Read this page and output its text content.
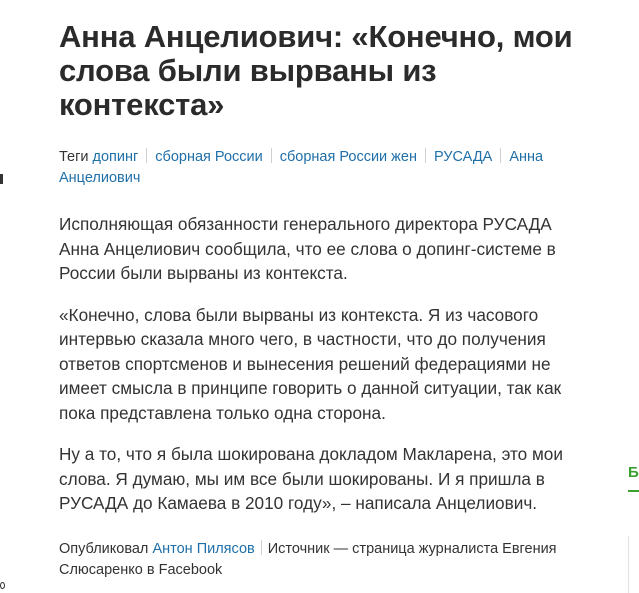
Б
Анна Анцелиович: «Конечно, мои слова были вырваны из контекста»
Теги допинг сборная России сборная России жен РУСАДА Анна Анцелиович

Исполняющая обязанности генерального директора РУСАДА Анна Анцелиович сообщила, что ее слова о допинг-системе в России были вырваны из контекста.

«Конечно, слова были вырваны из контекста. Я из часового интервью сказала много чего, в частности, что до получения ответов спортсменов и вынесения решений федерациями не имеет смысла в принципе говорить о данной ситуации, так как пока представлена только одна сторона.

Ну а то, что я была шокирована докладом Макларена, это мои слова. Я думаю, мы им все были шокированы. И я пришла в РУСАДА до Камаева в 2010 году», – написала Анцелиович.

Опубликовал Антон Пилясов Источник — страница журналиста Евгения Слюсаренко в Facebook
